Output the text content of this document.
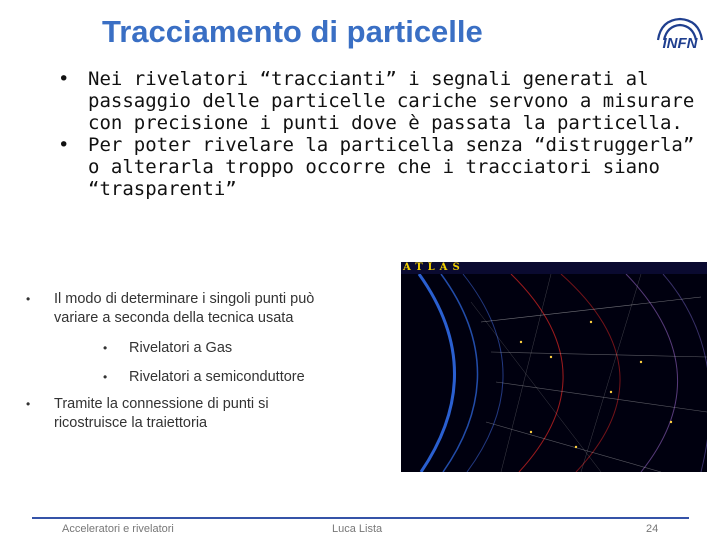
Tracciamento di particelle	INFN
• Nei rivelatori “traccianti” i segnali generati al
passaggio delle particelle cariche servono a misurare
con precisione i punti dove è passata la particella.
• Per poter rivelare la particella senza “distruggerla”
o alterarla troppo occorre che i tracciatori siano
“trasparenti”
• Il modo di determinare i singoli punti può
variare a seconda della tecnica usata
• Rivelatori a Gas
• Rivelatori a semiconduttore
• Tramite la connessione di punti si
ricostruisce la traiettoria
ATLAS
Acceleratori e rivelatori	Luca Lista	24
